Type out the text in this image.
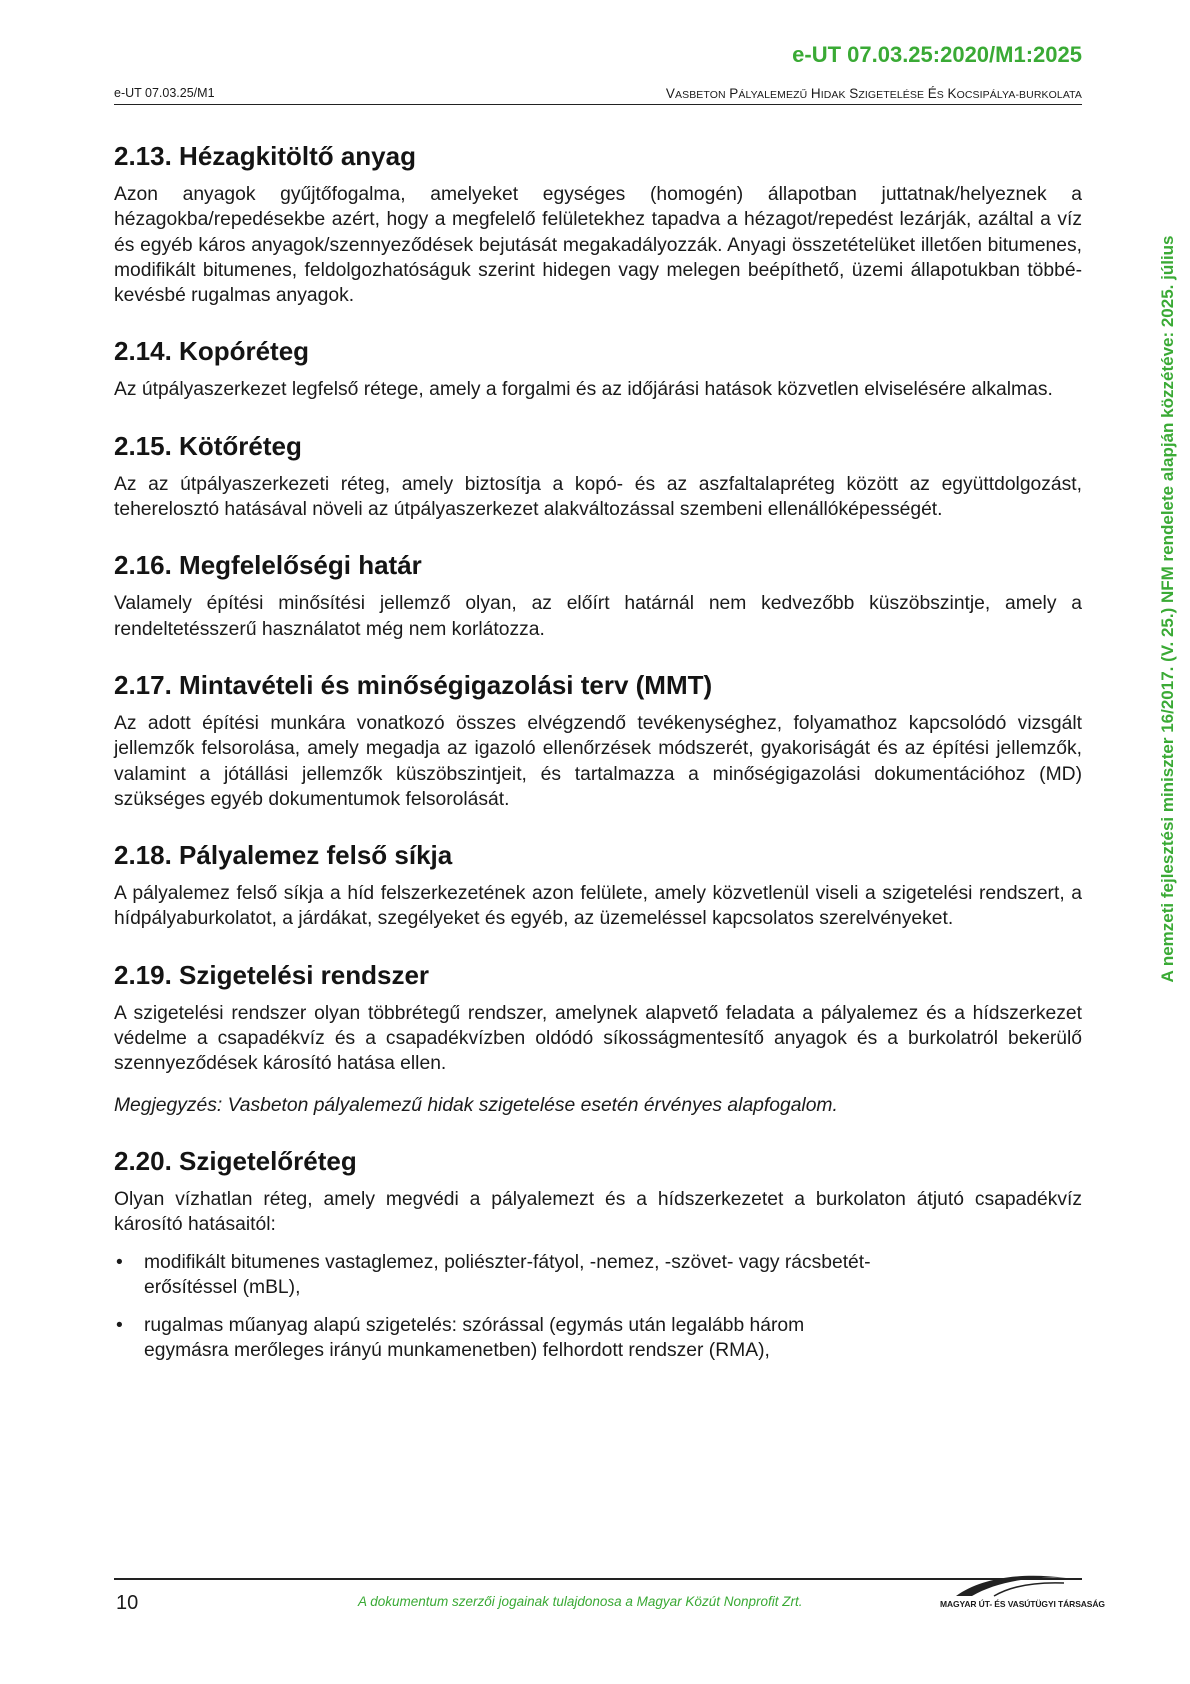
e-UT 07.03.25:2020/M1:2025
e-UT 07.03.25/M1	VASBETON PÁLYALEMEZŰ HIDAK SZIGETELÉSE ÉS KOCSIPÁLYA-BURKOLATA
A nemzeti fejlesztési miniszter 16/2017. (V. 25.) NFM rendelete alapján közzétéve: 2025. július
2.13. Hézagkitöltő anyag

Azon anyagok gyűjtőfogalma, amelyeket egységes (homogén) állapotban juttatnak/helyeznek a hézagokba/repedésekbe azért, hogy a megfelelő felületekhez tapadva a hézagot/repedést lezárják, azáltal a víz és egyéb káros anyagok/szennyeződések bejutását megakadályozzák. Anyagi összetételüket illetően bitumenes, modifikált bitumenes, feldolgozhatóságuk szerint hidegen vagy melegen beépíthető, üzemi állapotukban többé-kevésbé rugalmas anyagok.

2.14. Kopóréteg

Az útpályaszerkezet legfelső rétege, amely a forgalmi és az időjárási hatások közvetlen elviselésére alkalmas.

2.15. Kötőréteg

Az az útpályaszerkezeti réteg, amely biztosítja a kopó- és az aszfaltalapréteg között az együttdolgozást, teherelosztó hatásával növeli az útpályaszerkezet alakváltozással szembeni ellenállóképességét.

2.16. Megfelelőségi határ

Valamely építési minősítési jellemző olyan, az előírt határnál nem kedvezőbb küszöbszintje, amely a rendeltetésszerű használatot még nem korlátozza.

2.17. Mintavételi és minőségigazolási terv (MMT)

Az adott építési munkára vonatkozó összes elvégzendő tevékenységhez, folyamathoz kapcsolódó vizsgált jellemzők felsorolása, amely megadja az igazoló ellenőrzések módszerét, gyakoriságát és az építési jellemzők, valamint a jótállási jellemzők küszöbszintjeit, és tartalmazza a minőségigazolási dokumentációhoz (MD) szükséges egyéb dokumentumok felsorolását.

2.18. Pályalemez felső síkja

A pályalemez felső síkja a híd felszerkezetének azon felülete, amely közvetlenül viseli a szigetelési rendszert, a hídpályaburkolatot, a járdákat, szegélyeket és egyéb, az üzemeléssel kapcsolatos szerelvényeket.

2.19. Szigetelési rendszer

A szigetelési rendszer olyan többrétegű rendszer, amelynek alapvető feladata a pályalemez és a hídszerkezet védelme a csapadékvíz és a csapadékvízben oldódó síkosságmentesítő anyagok és a burkolatról bekerülő szennyeződések károsító hatása ellen.

Megjegyzés: Vasbeton pályalemezű hidak szigetelése esetén érvényes alapfogalom.

2.20. Szigetelőréteg

Olyan vízhatlan réteg, amely megvédi a pályalemezt és a hídszerkezetet a burkolaton átjutó csapadékvíz károsító hatásaitól:

• modifikált bitumenes vastaglemez, poliészter-fátyol, -nemez, -szövet- vagy rácsbetét-erősítéssel (mBL),
• rugalmas műanyag alapú szigetelés: szórással (egymás után legalább három egymásra merőleges irányú munkamenetben) felhordott rendszer (RMA),
10	A dokumentum szerzői jogainak tulajdonosa a Magyar Közút Nonprofit Zrt.	MAGYAR ÚT- ÉS VASÚTÜGYI TÁRSASÁG
